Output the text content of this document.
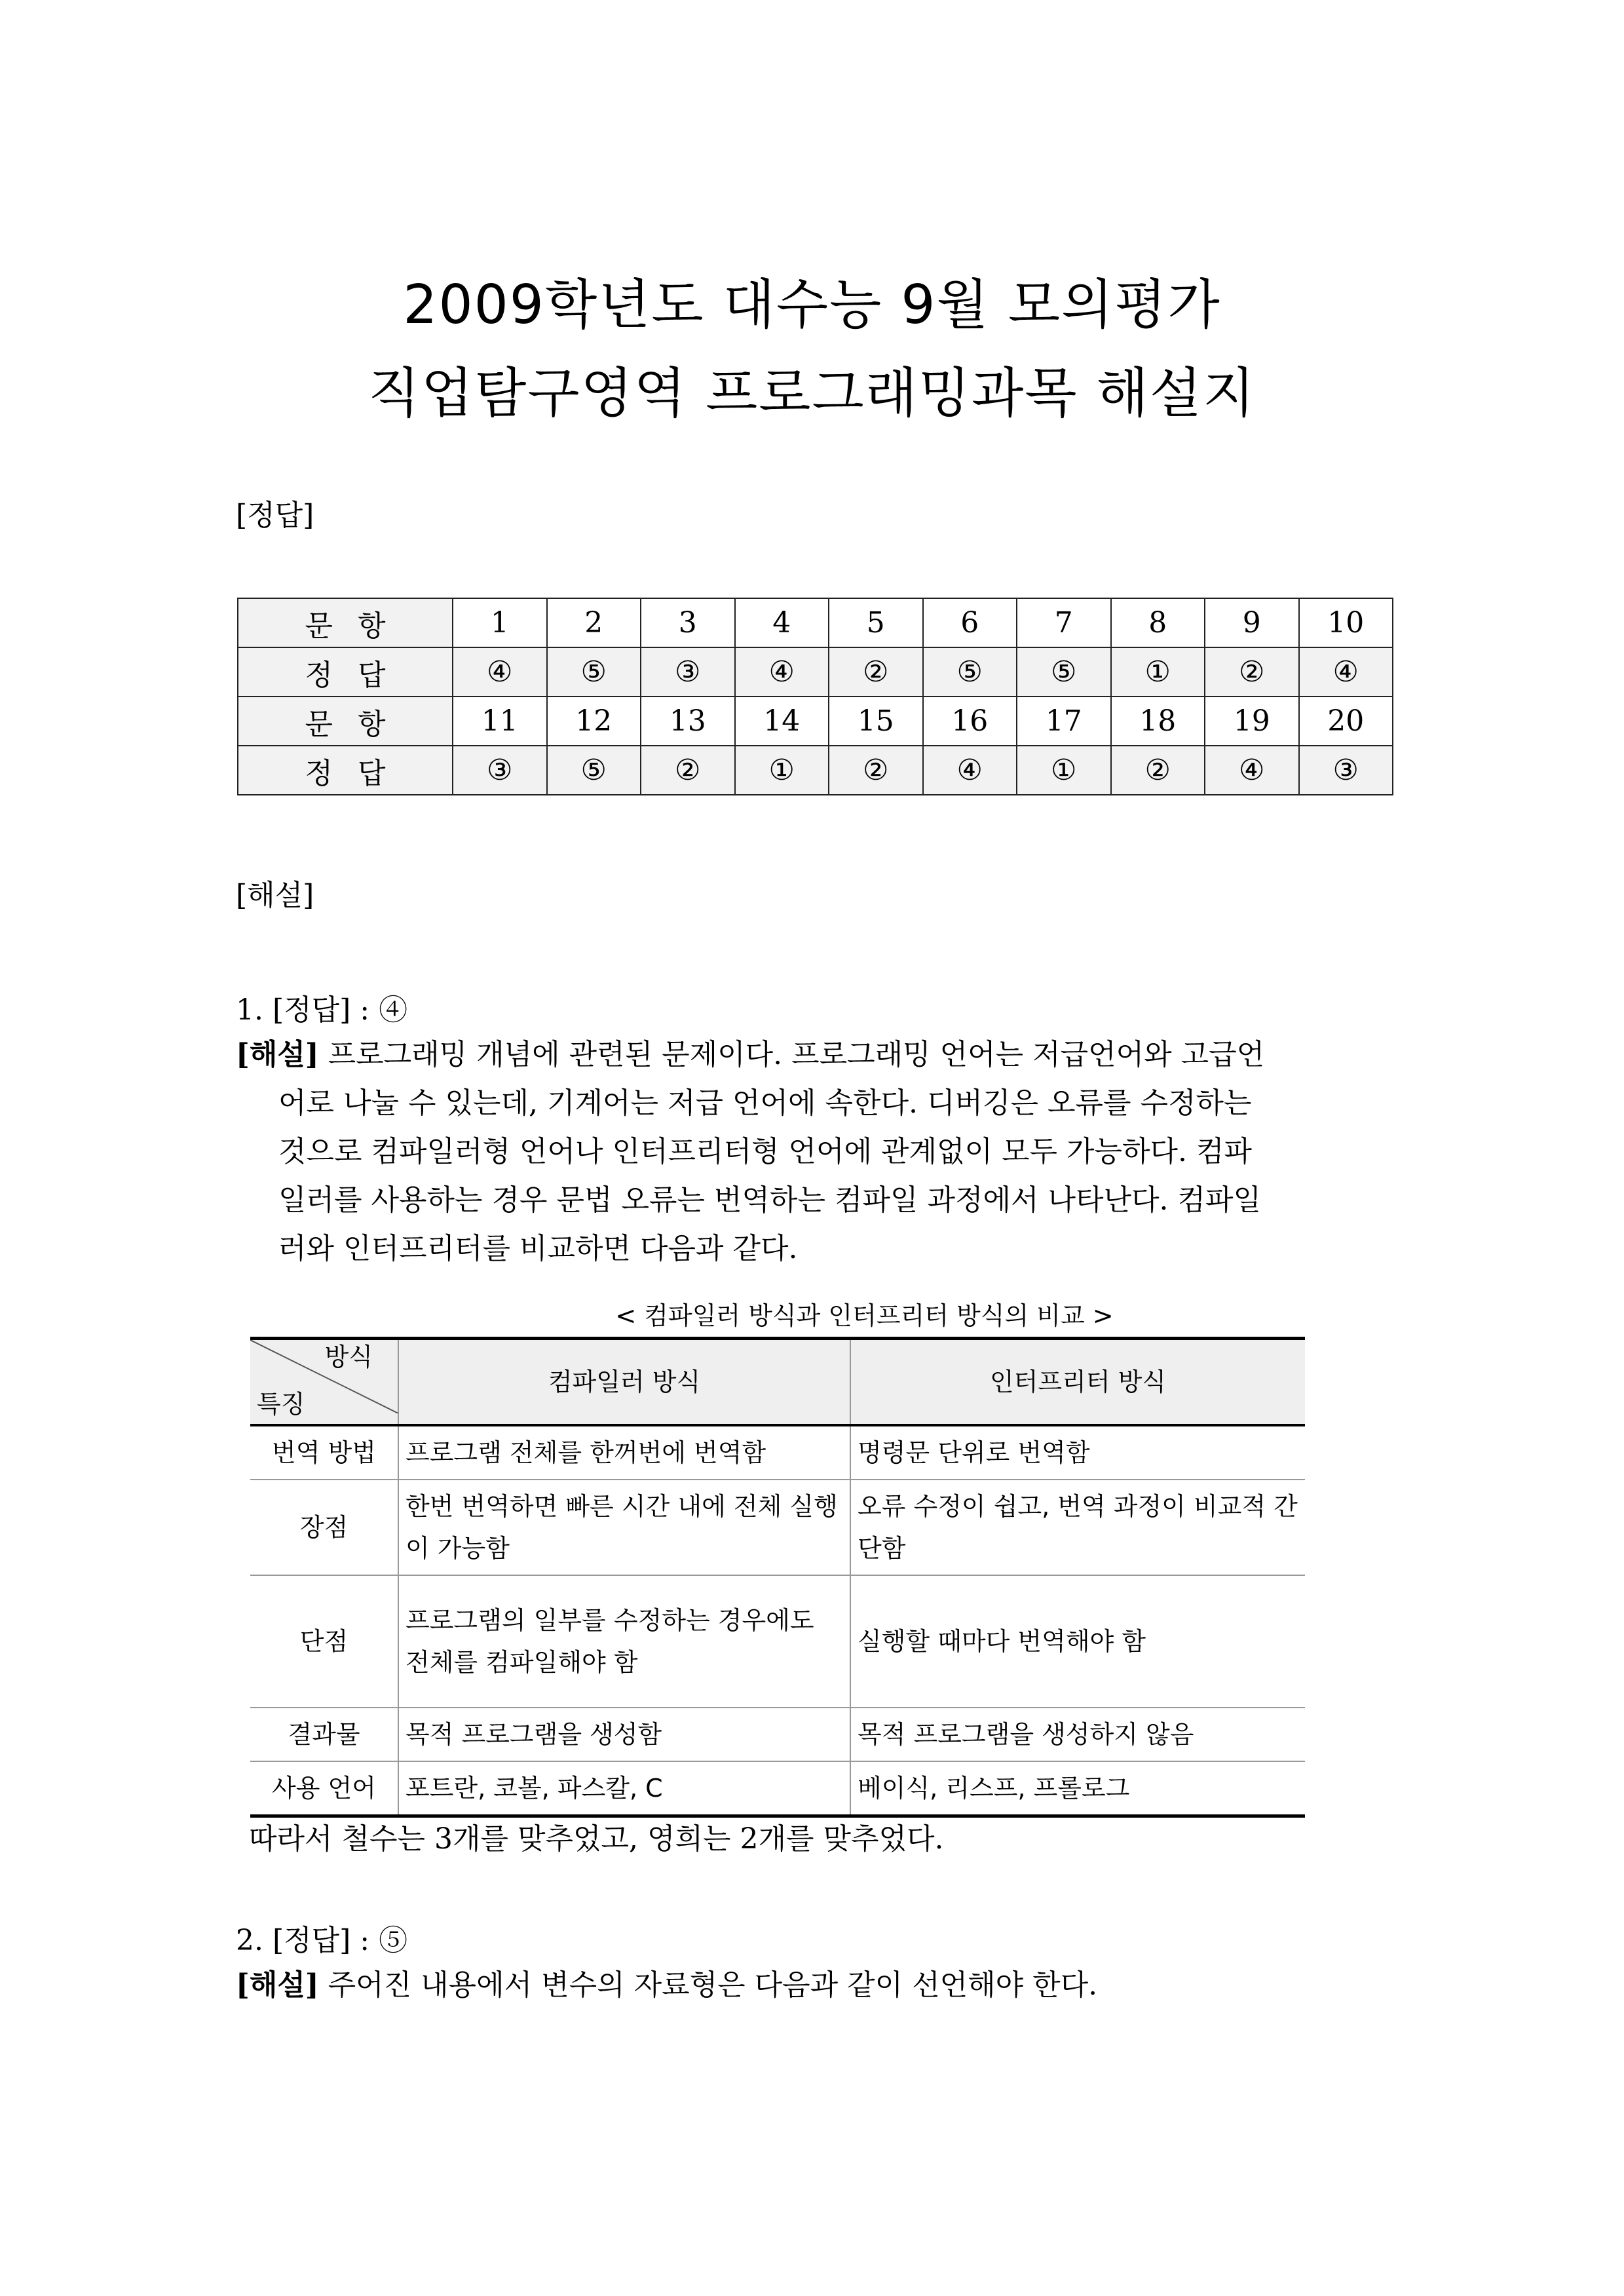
2009학년도 대수능 9월 모의평가
직업탐구영역 프로그래밍과목 해설지
[정답]
문항	1	2	3	4	5	6	7	8	9	10
정답	④	⑤	③	④	②	⑤	⑤	①	②	④
문항	11	12	13	14	15	16	17	18	19	20
정답	③	⑤	②	①	②	④	①	②	④	③
[해설]
1. [정답] : ④
[해설] 프로그래밍 개념에 관련된 문제이다. 프로그래밍 언어는 저급언어와 고급언
어로 나눌 수 있는데, 기계어는 저급 언어에 속한다. 디버깅은 오류를 수정하는
것으로 컴파일러형 언어나 인터프리터형 언어에 관계없이 모두 가능하다. 컴파
일러를 사용하는 경우 문법 오류는 번역하는 컴파일 과정에서 나타난다. 컴파일
러와 인터프리터를 비교하면 다음과 같다.
< 컴파일러 방식과 인터프리터 방식의 비교 >
방식
특징	컴파일러 방식	인터프리터 방식
번역 방법	프로그램 전체를 한꺼번에 번역함	명령문 단위로 번역함
장점	한번 번역하면 빠른 시간 내에 전체 실행이 가능함	오류 수정이 쉽고, 번역 과정이 비교적 간단함
단점	프로그램의 일부를 수정하는 경우에도 전체를 컴파일해야 함	실행할 때마다 번역해야 함
결과물	목적 프로그램을 생성함	목적 프로그램을 생성하지 않음
사용 언어	포트란, 코볼, 파스칼, C	베이식, 리스프, 프롤로그
따라서 철수는 3개를 맞추었고, 영희는 2개를 맞추었다.
2. [정답] : ⑤
[해설] 주어진 내용에서 변수의 자료형은 다음과 같이 선언해야 한다.
